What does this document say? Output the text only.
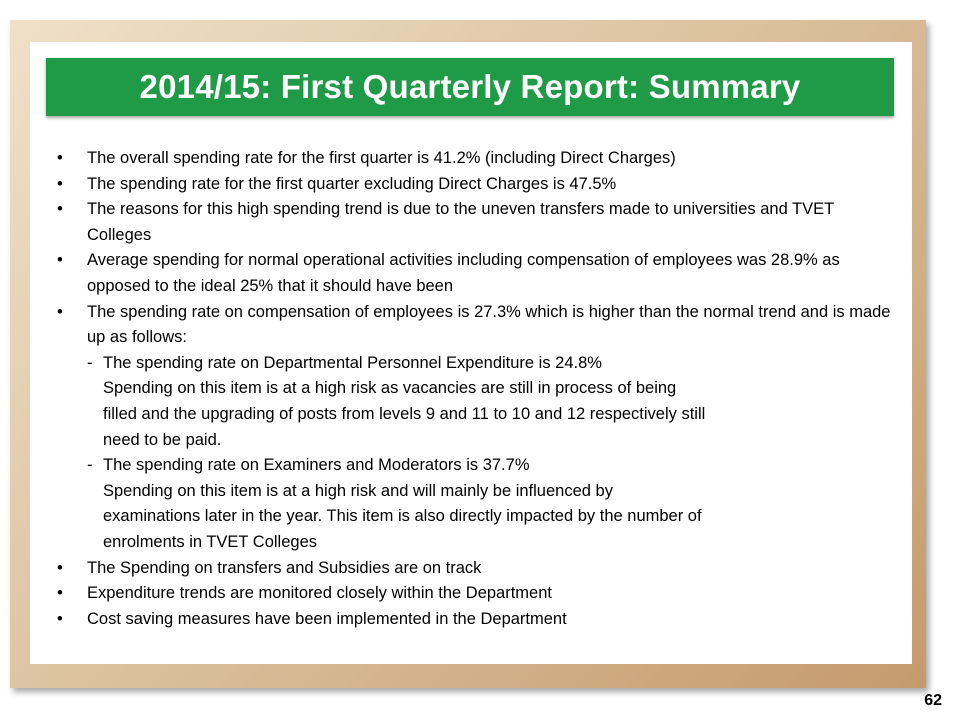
2014/15: First Quarterly Report: Summary
•	The overall spending rate for the first quarter is 41.2% (including Direct Charges)
•	The spending rate for the first quarter excluding Direct Charges is 47.5%
•	The reasons for this high spending trend is due to the uneven transfers made to universities and TVET Colleges
•	Average spending for normal operational activities including compensation of employees was 28.9% as opposed to the ideal 25% that it should have been
•	The spending rate on compensation of employees is 27.3% which is higher than the normal trend and is made up as follows:
- The spending rate on Departmental Personnel Expenditure is 24.8%
Spending on this item is at a high risk as vacancies are still in process of being
filled and the upgrading of posts from levels 9 and 11 to 10 and 12 respectively still
need to be paid.
- The spending rate on Examiners and Moderators is 37.7%
Spending on this item is at a high risk and will mainly be influenced by
examinations later in the year. This item is also directly impacted by the number of
enrolments in TVET Colleges
•	The Spending on transfers and Subsidies are on track
•	Expenditure trends are monitored closely within the Department
•	Cost saving measures have been implemented in the Department
62
